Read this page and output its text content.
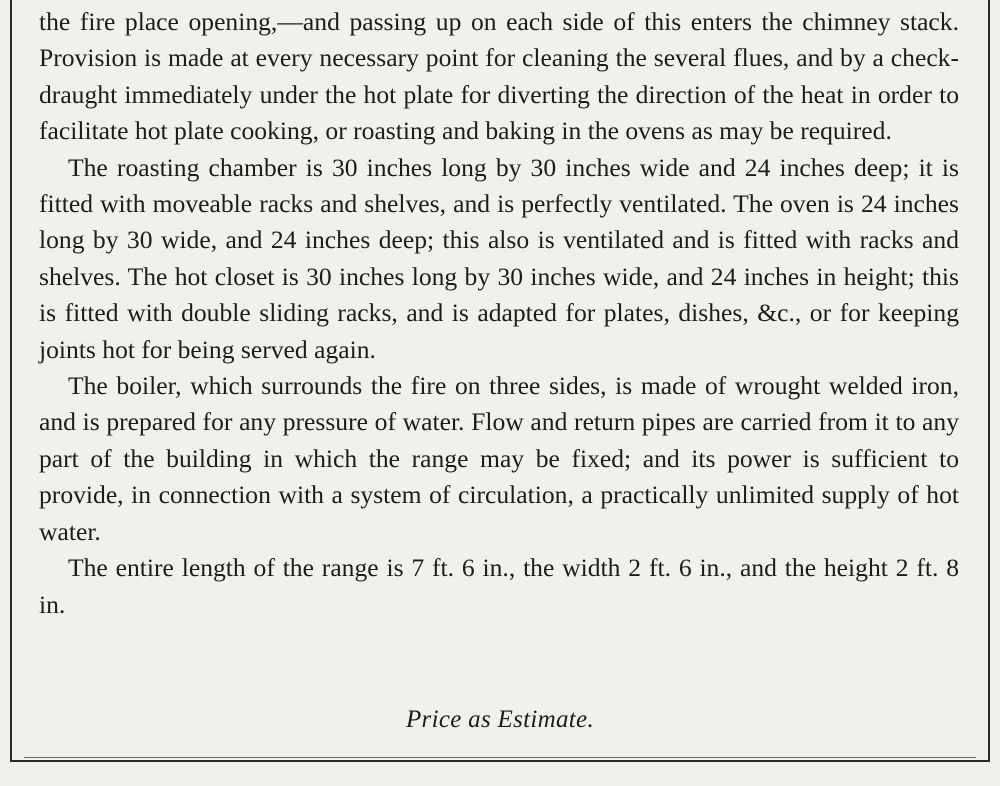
the fire place opening,—and passing up on each side of this enters the chimney stack. Provision is made at every necessary point for cleaning the several flues, and by a check-draught immediately under the hot plate for diverting the direction of the heat in order to facilitate hot plate cooking, or roasting and baking in the ovens as may be required.

The roasting chamber is 30 inches long by 30 inches wide and 24 inches deep; it is fitted with moveable racks and shelves, and is perfectly ventilated. The oven is 24 inches long by 30 wide, and 24 inches deep; this also is ventilated and is fitted with racks and shelves. The hot closet is 30 inches long by 30 inches wide, and 24 inches in height; this is fitted with double sliding racks, and is adapted for plates, dishes, &c., or for keeping joints hot for being served again.

The boiler, which surrounds the fire on three sides, is made of wrought welded iron, and is prepared for any pressure of water. Flow and return pipes are carried from it to any part of the building in which the range may be fixed; and its power is sufficient to provide, in connection with a system of circulation, a practically unlimited supply of hot water.

The entire length of the range is 7 ft. 6 in., the width 2 ft. 6 in., and the height 2 ft. 8 in.

Price as Estimate.
